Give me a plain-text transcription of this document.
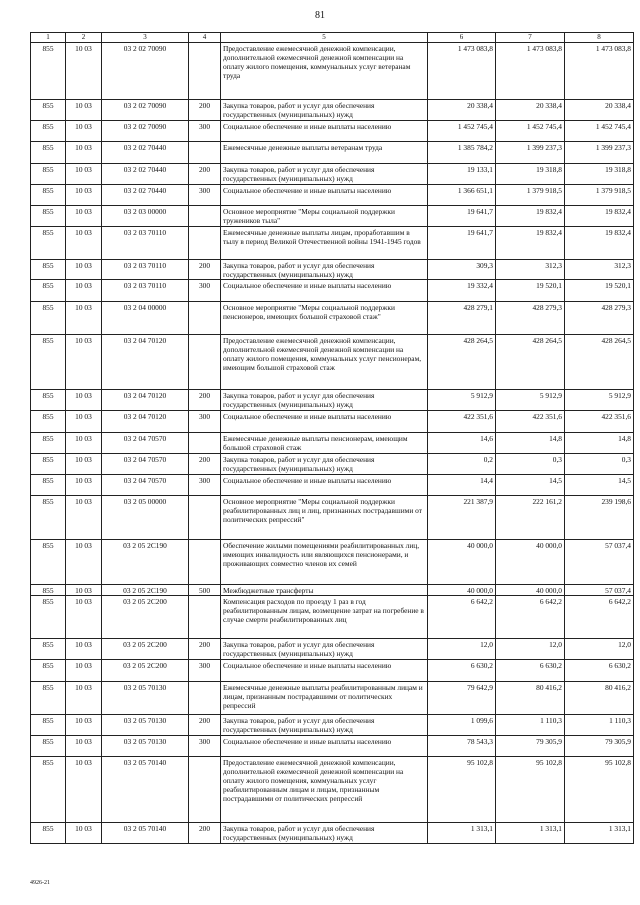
81
1	2	3	4	5	6	7	8
855	10 03	03 2 02 70090		Предоставление ежемесячной денежной компенсации, дополнительной ежемесячной денежной компенсации на оплату жилого помещения, коммунальных услуг ветеранам труда	1 473 083,8	1 473 083,8	1 473 083,8
855	10 03	03 2 02 70090	200	Закупка товаров, работ и услуг для обеспечения государственных (муниципальных) нужд	20 338,4	20 338,4	20 338,4
855	10 03	03 2 02 70090	300	Социальное обеспечение и иные выплаты населению	1 452 745,4	1 452 745,4	1 452 745,4
855	10 03	03 2 02 70440		Ежемесячные денежные выплаты ветеранам труда	1 385 784,2	1 399 237,3	1 399 237,3
855	10 03	03 2 02 70440	200	Закупка товаров, работ и услуг для обеспечения государственных (муниципальных) нужд	19 133,1	19 318,8	19 318,8
855	10 03	03 2 02 70440	300	Социальное обеспечение и иные выплаты населению	1 366 651,1	1 379 918,5	1 379 918,5
855	10 03	03 2 03 00000		Основное мероприятие "Меры социальной поддержки тружеников тыла"	19 641,7	19 832,4	19 832,4
855	10 03	03 2 03 70110		Ежемесячные денежные выплаты лицам, проработавшим в тылу в период Великой Отечественной войны 1941-1945 годов	19 641,7	19 832,4	19 832,4
855	10 03	03 2 03 70110	200	Закупка товаров, работ и услуг для обеспечения государственных (муниципальных) нужд	309,3	312,3	312,3
855	10 03	03 2 03 70110	300	Социальное обеспечение и иные выплаты населению	19 332,4	19 520,1	19 520,1
855	10 03	03 2 04 00000		Основное мероприятие "Меры социальной поддержки пенсионеров, имеющих большой страховой стаж"	428 279,1	428 279,3	428 279,3
855	10 03	03 2 04 70120		Предоставление ежемесячной денежной компенсации, дополнительной ежемесячной денежной компенсации на оплату жилого помещения, коммунальных услуг пенсионерам, имеющим большой страховой стаж	428 264,5	428 264,5	428 264,5
855	10 03	03 2 04 70120	200	Закупка товаров, работ и услуг для обеспечения государственных (муниципальных) нужд	5 912,9	5 912,9	5 912,9
855	10 03	03 2 04 70120	300	Социальное обеспечение и иные выплаты населению	422 351,6	422 351,6	422 351,6
855	10 03	03 2 04 70570		Ежемесячные денежные выплаты пенсионерам, имеющим большой страховой стаж	14,6	14,8	14,8
855	10 03	03 2 04 70570	200	Закупка товаров, работ и услуг для обеспечения государственных (муниципальных) нужд	0,2	0,3	0,3
855	10 03	03 2 04 70570	300	Социальное обеспечение и иные выплаты населению	14,4	14,5	14,5
855	10 03	03 2 05 00000		Основное мероприятие "Меры социальной поддержки реабилитированных лиц и лиц, признанных пострадавшими от политических репрессий"	221 387,9	222 161,2	239 198,6
855	10 03	03 2 05 2C190		Обеспечение жилыми помещениями реабилитированных лиц, имеющих инвалидность или являющихся пенсионерами, и проживающих совместно членов их семей	40 000,0	40 000,0	57 037,4
855	10 03	03 2 05 2C190	500	Межбюджетные трансферты	40 000,0	40 000,0	57 037,4
855	10 03	03 2 05 2C200		Компенсация расходов по проезду 1 раз в год реабилитированным лицам, возмещение затрат на погребение в случае смерти реабилитированных лиц	6 642,2	6 642,2	6 642,2
855	10 03	03 2 05 2C200	200	Закупка товаров, работ и услуг для обеспечения государственных (муниципальных) нужд	12,0	12,0	12,0
855	10 03	03 2 05 2C200	300	Социальное обеспечение и иные выплаты населению	6 630,2	6 630,2	6 630,2
855	10 03	03 2 05 70130		Ежемесячные денежные выплаты реабилитированным лицам и лицам, признанным пострадавшими от политических репрессий	79 642,9	80 416,2	80 416,2
855	10 03	03 2 05 70130	200	Закупка товаров, работ и услуг для обеспечения государственных (муниципальных) нужд	1 099,6	1 110,3	1 110,3
855	10 03	03 2 05 70130	300	Социальное обеспечение и иные выплаты населению	78 543,3	79 305,9	79 305,9
855	10 03	03 2 05 70140		Предоставление ежемесячной денежной компенсации, дополнительной ежемесячной денежной компенсации на оплату жилого помещения, коммунальных услуг реабилитированным лицам и лицам, признанным пострадавшими от политических репрессий	95 102,8	95 102,8	95 102,8
855	10 03	03 2 05 70140	200	Закупка товаров, работ и услуг для обеспечения государственных (муниципальных) нужд	1 313,1	1 313,1	1 313,1
4926-21
